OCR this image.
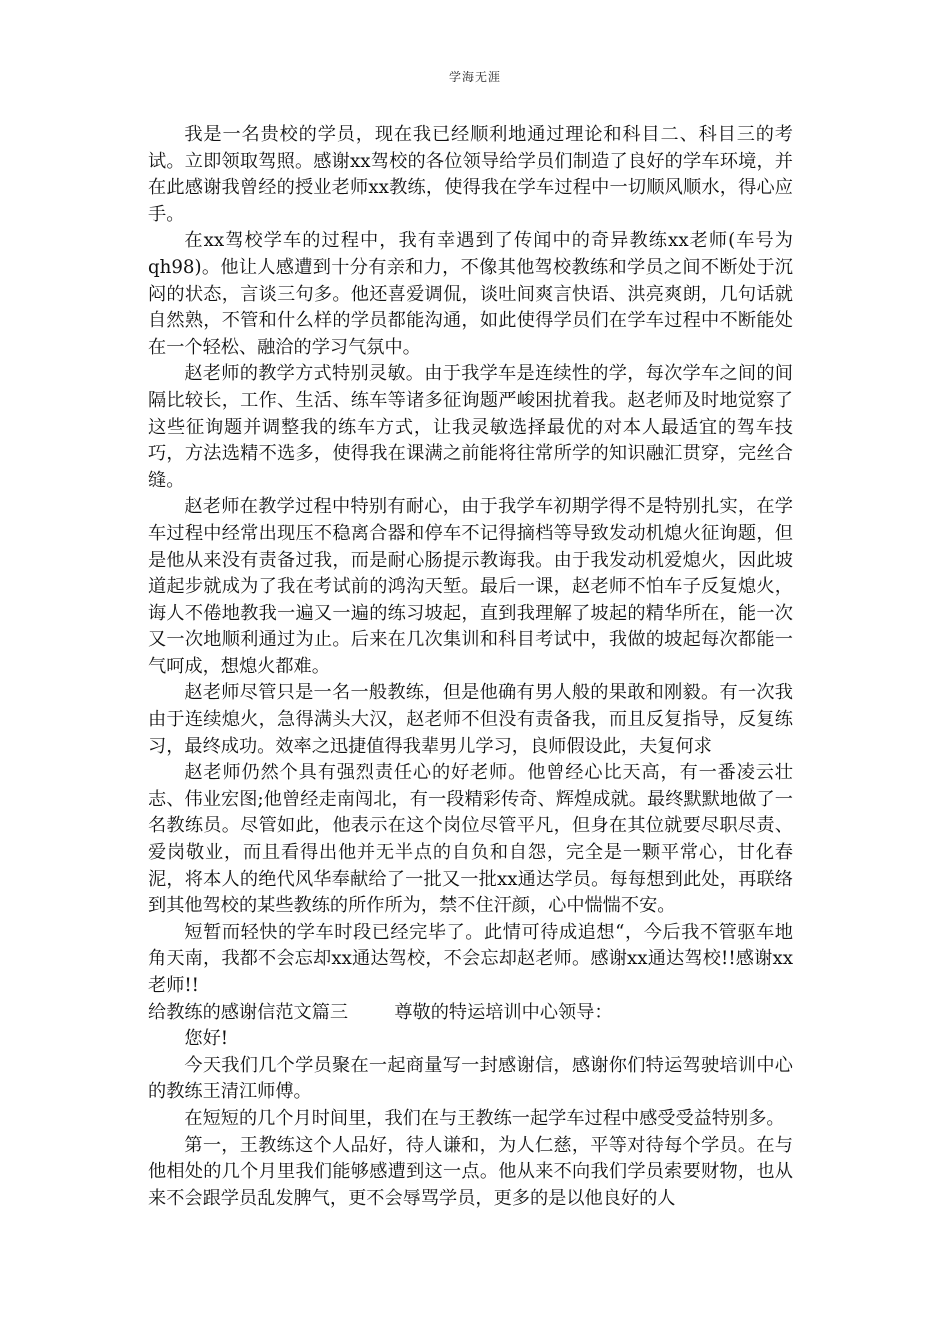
学海无涯

我是一名贵校的学员，现在我已经顺利地通过理论和科目二、科目三的考试。立即领取驾照。感谢xx驾校的各位领导给学员们制造了良好的学车环境，并在此感谢我曾经的授业老师xx教练，使得我在学车过程中一切顺风顺水，得心应手。

在xx驾校学车的过程中，我有幸遇到了传闻中的奇异教练xx老师(车号为qh98)。他让人感遭到十分有亲和力，不像其他驾校教练和学员之间不断处于沉闷的状态，言谈三句多。他还喜爱调侃，谈吐间爽言快语、洪亮爽朗，几句话就自然熟，不管和什么样的学员都能沟通，如此使得学员们在学车过程中不断能处在一个轻松、融洽的学习气氛中。

赵老师的教学方式特别灵敏。由于我学车是连续性的学，每次学车之间的间隔比较长，工作、生活、练车等诸多征询题严峻困扰着我。赵老师及时地觉察了这些征询题并调整我的练车方式，让我灵敏选择最优的对本人最适宜的驾车技巧，方法选精不选多，使得我在课满之前能将往常所学的知识融汇贯穿，完丝合缝。

赵老师在教学过程中特别有耐心，由于我学车初期学得不是特别扎实，在学车过程中经常出现压不稳离合器和停车不记得摘档等导致发动机熄火征询题，但是他从来没有责备过我，而是耐心肠提示教诲我。由于我发动机爱熄火，因此坡道起步就成为了我在考试前的鸿沟天堑。最后一课，赵老师不怕车子反复熄火，诲人不倦地教我一遍又一遍的练习坡起，直到我理解了坡起的精华所在，能一次又一次地顺利通过为止。后来在几次集训和科目考试中，我做的坡起每次都能一气呵成，想熄火都难。

赵老师尽管只是一名一般教练，但是他确有男人般的果敢和刚毅。有一次我由于连续熄火，急得满头大汉，赵老师不但没有责备我，而且反复指导，反复练习，最终成功。效率之迅捷值得我辈男儿学习，良师假设此，夫复何求

赵老师仍然个具有强烈责任心的好老师。他曾经心比天高，有一番凌云壮志、伟业宏图;他曾经走南闯北，有一段精彩传奇、辉煌成就。最终默默地做了一名教练员。尽管如此，他表示在这个岗位尽管平凡，但身在其位就要尽职尽责、爱岗敬业，而且看得出他并无半点的自负和自怨，完全是一颗平常心，甘化春泥，将本人的绝代风华奉献给了一批又一批xx通达学员。每每想到此处，再联络到其他驾校的某些教练的所作所为，禁不住汗颜，心中惴惴不安。

短暂而轻快的学车时段已经完毕了。此情可待成追想“，今后我不管驱车地角天南，我都不会忘却xx通达驾校，不会忘却赵老师。感谢xx通达驾校!!感谢xx老师!!

给教练的感谢信范文篇三	尊敬的特运培训中心领导：

您好!

今天我们几个学员聚在一起商量写一封感谢信，感谢你们特运驾驶培训中心的教练王清江师傅。

在短短的几个月时间里，我们在与王教练一起学车过程中感受受益特别多。

第一，王教练这个人品好，待人谦和，为人仁慈，平等对待每个学员。在与他相处的几个月里我们能够感遭到这一点。他从来不向我们学员索要财物，也从来不会跟学员乱发脾气，更不会辱骂学员，更多的是以他良好的人
